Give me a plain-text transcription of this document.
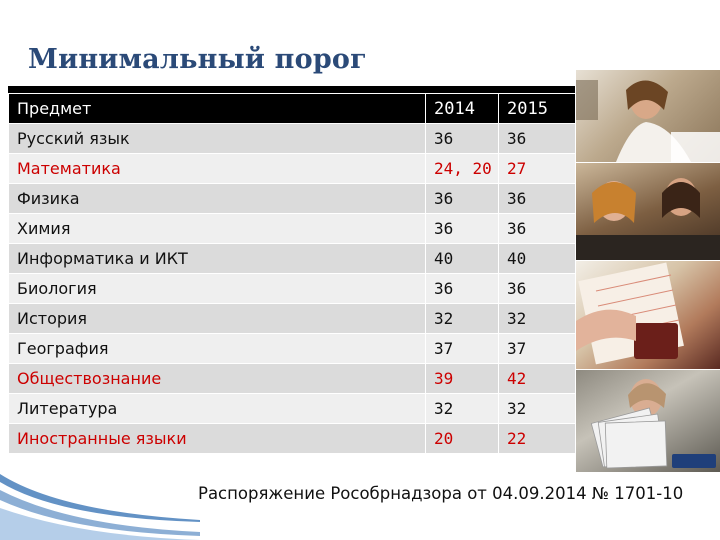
Минимальный порог
Предмет	2014	2015
Русский язык	36	36
Математика	24, 20	27
Физика	36	36
Химия	36	36
Информатика и ИКТ	40	40
Биология	36	36
История	32	32
География	37	37
Обществознание	39	42
Литература	32	32
Иностранные языки	20	22
Распоряжение Рособрнадзора от 04.09.2014 № 1701-10
